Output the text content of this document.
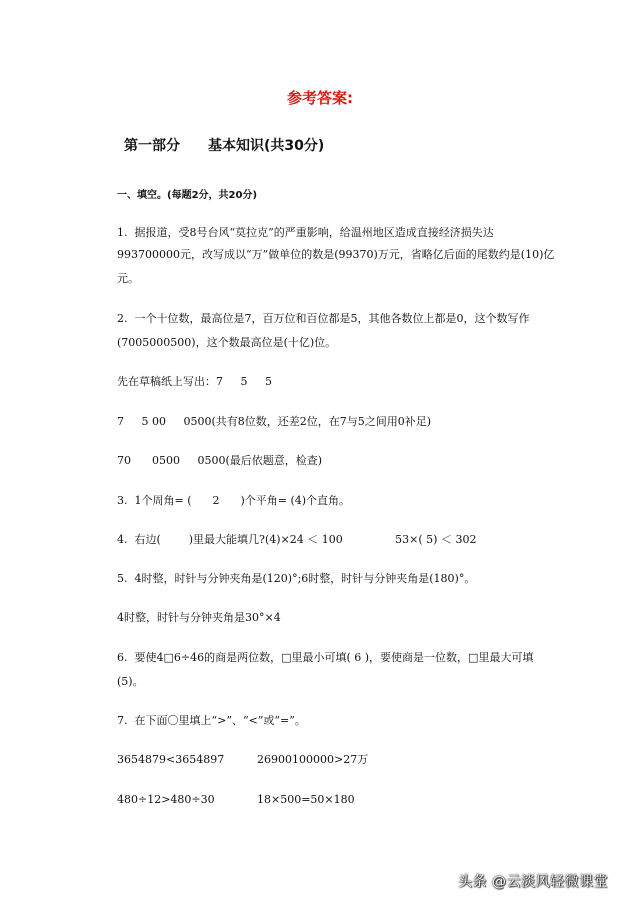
参考答案:
第一部分　　基本知识(共30分)
一、填空。(每题2分，共20分)
1.  据报道，受8号台风“莫拉克”的严重影响，给温州地区造成直接经济损失达
993700000元，改写成以“万”做单位的数是(99370)万元，省略亿后面的尾数约是(10)亿
元。
2.  一个十位数，最高位是7，百万位和百位都是5，其他各数位上都是0，这个数写作
(7005000500)，这个数最高位是(十亿)位。
先在草稿纸上写出：7     5     5
7     5 00     0500(共有8位数，还差2位，在7与5之间用0补足)
70      0500     0500(最后依题意，检查)
3.  1个周角= (      2      )个平角= (4)个直角。
4.  右边(        )里最大能填几?(4)×24 ＜ 100               53×( 5) ＜ 302
5.  4时整，时针与分钟夹角是(120)°;6时整，时针与分钟夹角是(180)°。
4时整，时针与分钟夹角是30°×4
6.  要使4□6÷46的商是两位数，□里最小可填( 6 )，要使商是一位数，□里最大可填
(5)。
7.  在下面〇里填上“>”、“<”或“=”。
3654879<3654897	26900100000>27万
480÷12>480÷30	18×500=50×180
头条 @云淡风轻微课堂
